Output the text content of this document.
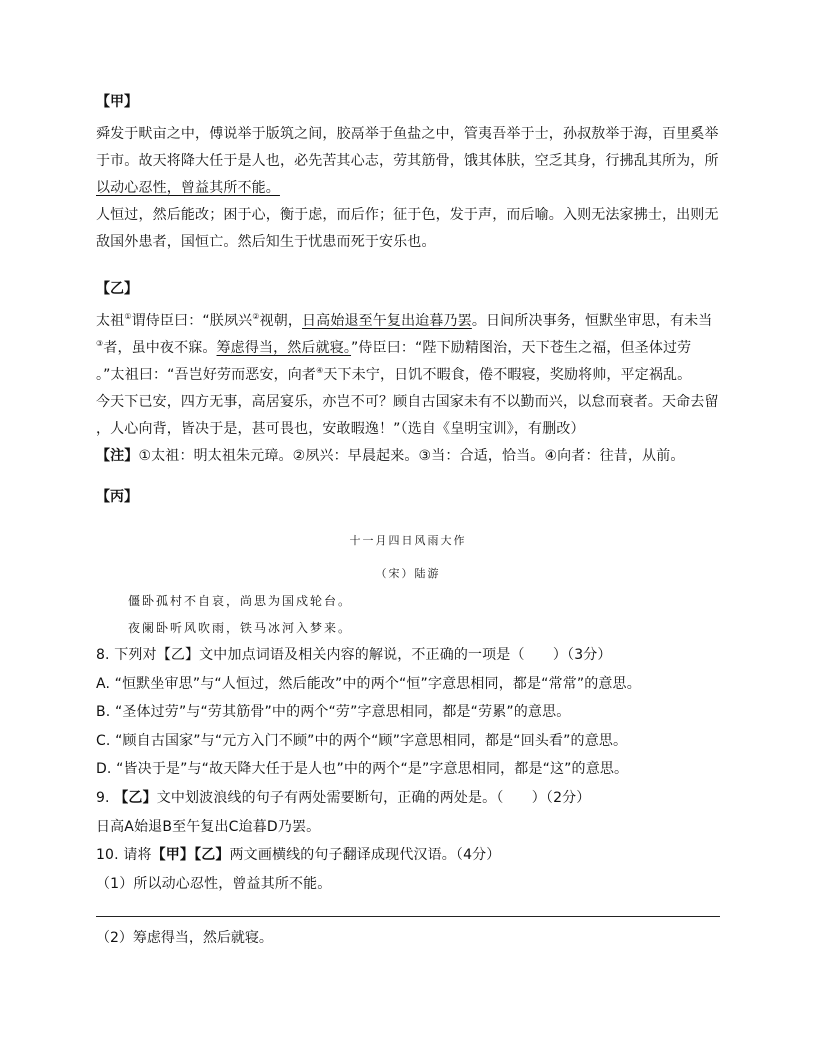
【甲】
舜发于畎亩之中，傅说举于版筑之间，胶鬲举于鱼盐之中，管夷吾举于士，孙叔敖举于海，百里奚举
于市。故天将降大任于是人也，必先苦其心志，劳其筋骨，饿其体肤，空乏其身，行拂乱其所为，所
以动心忍性，曾益其所不能。
人恒过，然后能改；困于心，衡于虑，而后作；征于色，发于声，而后喻。入则无法家拂士，出则无
敌国外患者，国恒亡。然后知生于忧患而死于安乐也。
【乙】
太祖①谓侍臣曰：“朕夙兴②视朝，日高始退至午复出迨暮乃罢。日间所决事务，恒默坐审思，有未当
③者，虽中夜不寐。筹虑得当，然后就寝。”侍臣曰：“陛下励精图治，天下苍生之福，但圣体过劳
。”太祖曰：“吾岂好劳而恶安，向者④天下未宁，日饥不暇食，倦不暇寝，奖励将帅，平定祸乱。
今天下已安，四方无事，高居宴乐，亦岂不可？顾自古国家未有不以勤而兴，以怠而衰者。天命去留
，人心向背，皆决于是，甚可畏也，安敢暇逸！”（选自《皇明宝训》，有删改）
【注】①太祖：明太祖朱元璋。②夙兴：早晨起来。③当：合适，恰当。④向者：往昔，从前。
【丙】
十一月四日风雨大作
（宋）陆游
僵卧孤村不自哀，尚思为国戍轮台。
夜阑卧听风吹雨，铁马冰河入梦来。
8. 下列对【乙】文中加点词语及相关内容的解说，不正确的一项是（　　）（3分）
A. “恒默坐审思”与“人恒过，然后能改”中的两个“恒”字意思相同，都是“常常”的意思。
B. “圣体过劳”与“劳其筋骨”中的两个“劳”字意思相同，都是“劳累”的意思。
C. “顾自古国家”与“元方入门不顾”中的两个“顾”字意思相同，都是“回头看”的意思。
D. “皆决于是”与“故天降大任于是人也”中的两个“是”字意思相同，都是“这”的意思。
9. 【乙】文中划波浪线的句子有两处需要断句，正确的两处是。（　　）（2分）
日高A始退B至午复出C迨暮D乃罢。
10. 请将【甲】【乙】两文画横线的句子翻译成现代汉语。（4分）
（1）所以动心忍性，曾益其所不能。
（2）筹虑得当，然后就寝。
